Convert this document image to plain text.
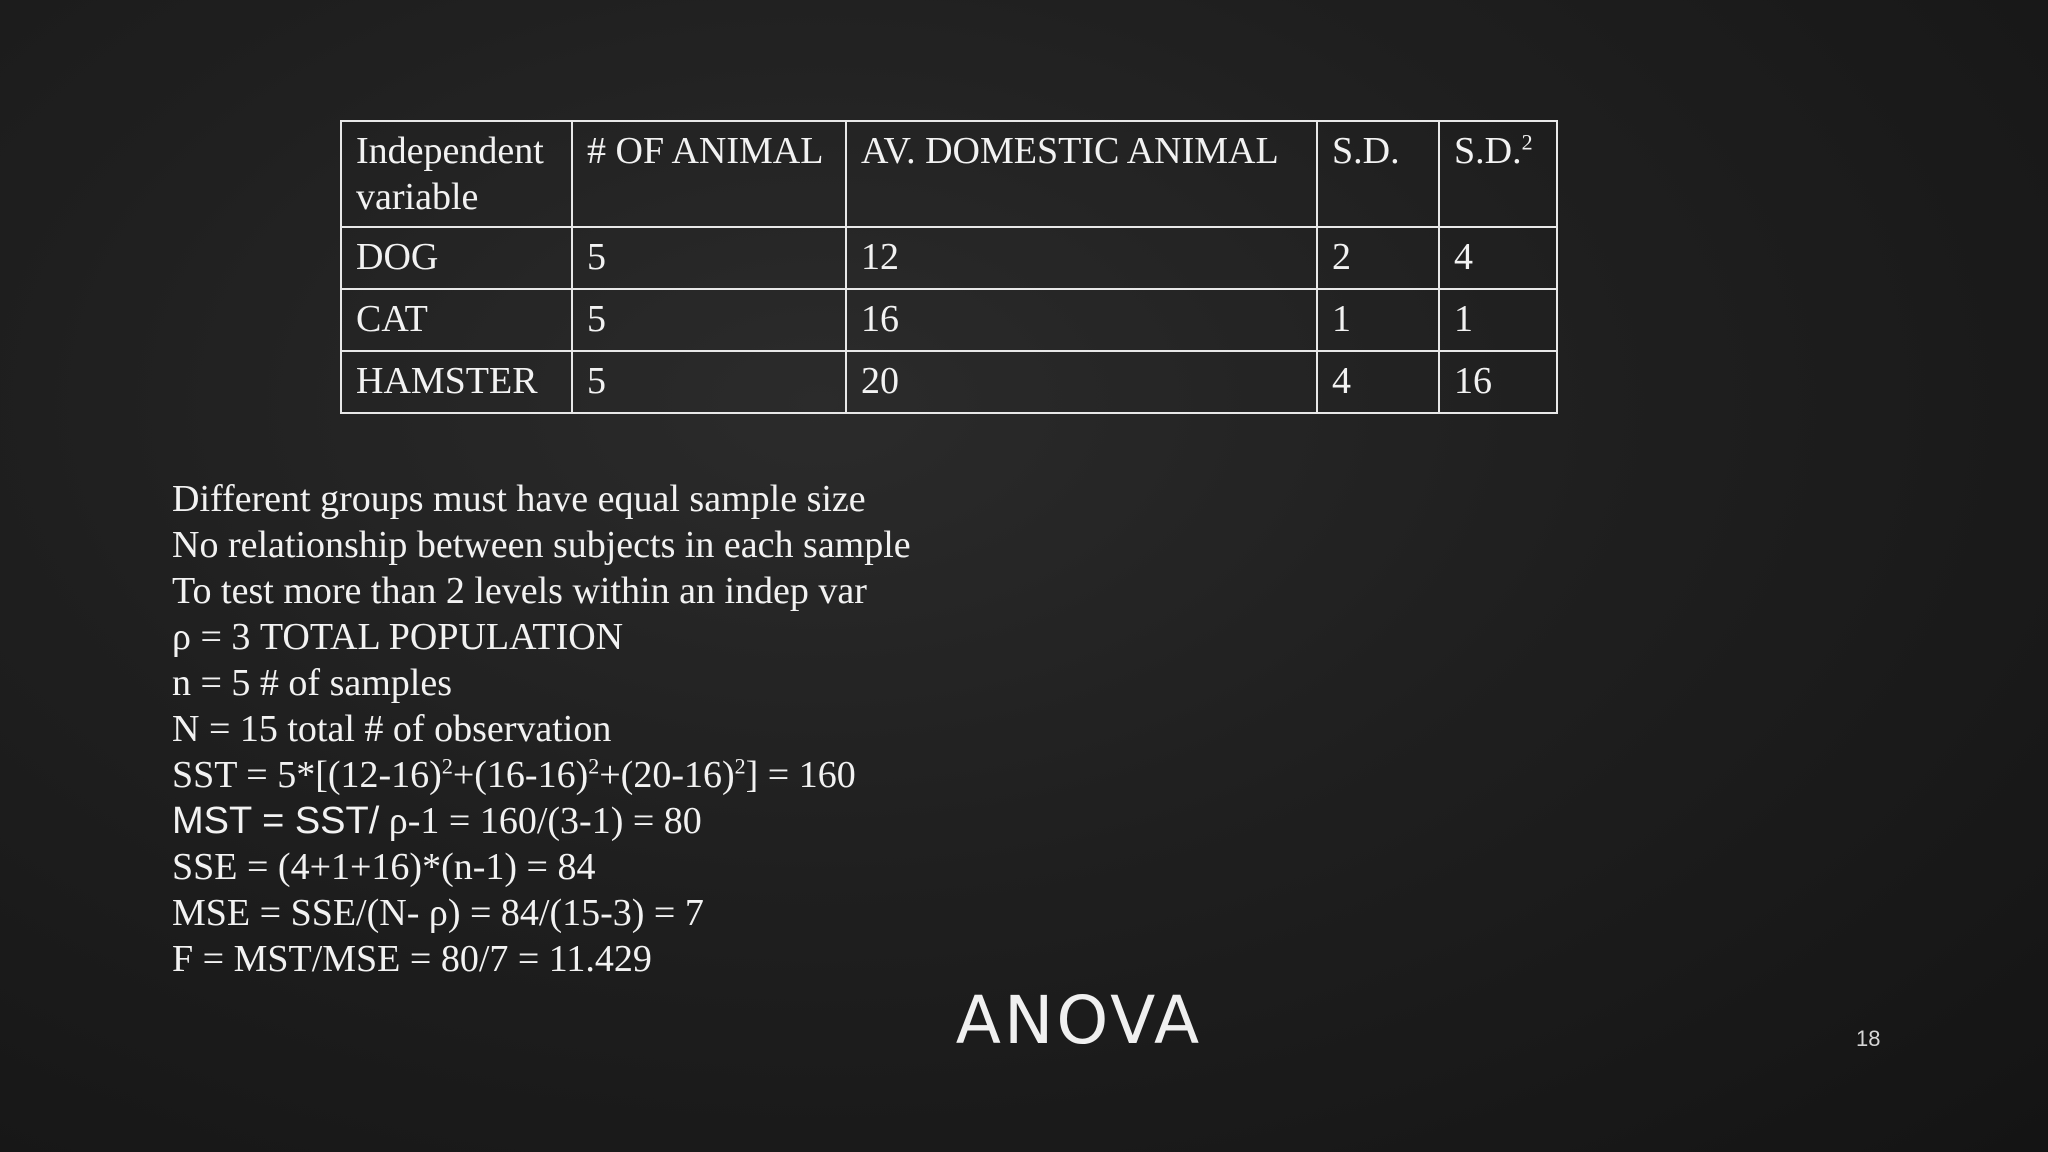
Independent variable	# OF ANIMAL	AV. DOMESTIC ANIMAL	S.D.	S.D.$^2$
DOG	5	12	2	4
CAT	5	16	1	1
HAMSTER	5	20	4	16
Different groups must have equal sample size
No relationship between subjects in each sample
To test more than 2 levels within an indep var
ρ = 3 TOTAL POPULATION
n = 5 # of samples
N = 15 total # of observation
SST = $5*[(12-16)^2+(16-16)^2+(20-16)^2] = 160$
MST = SST/ ρ-1 = 160/(3-1) = 80
SSE = (4+1+16)*(n-1) = 84
MSE = SSE/(N- ρ) = 84/(15-3) = 7
F = MST/MSE = 80/7 = 11.429
ANOVA	18
